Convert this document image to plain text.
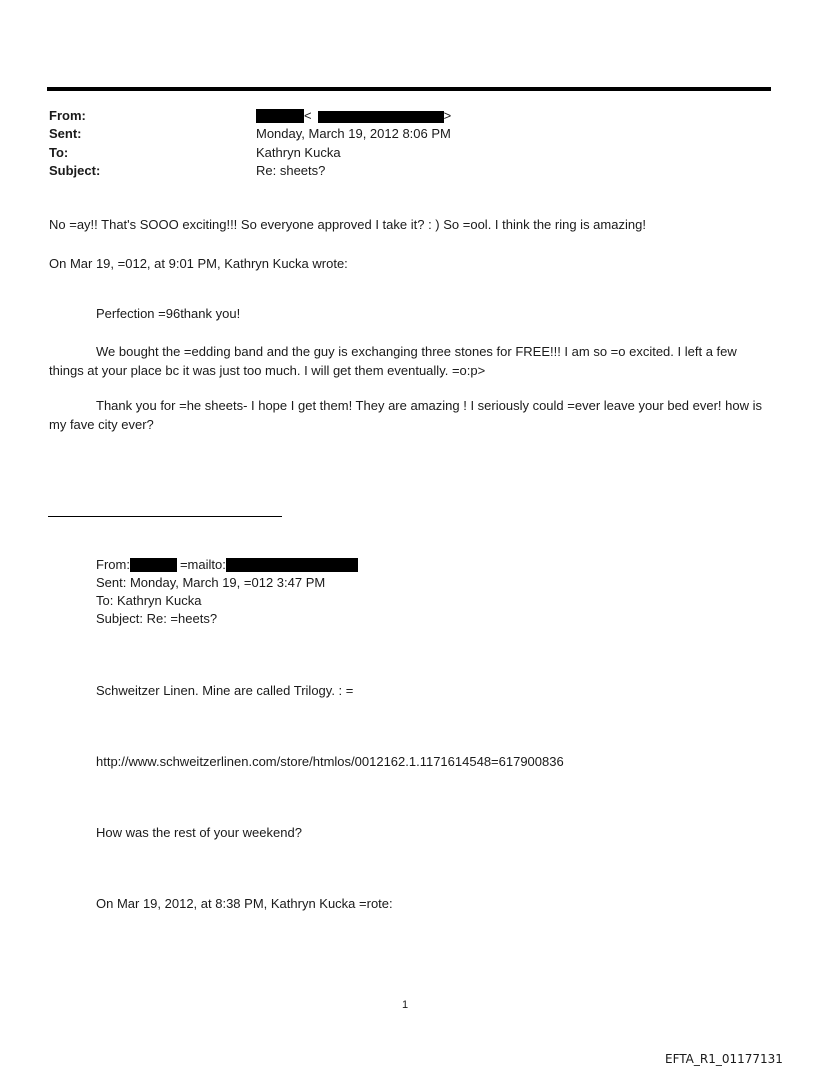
From:	<	>
Sent:	Monday, March 19, 2012 8:06 PM
To:	Kathryn Kucka
Subject:	Re: sheets?
No =ay!! That's SOOO exciting!!! So everyone approved I take it? : ) So =ool. I think the ring is amazing!
On Mar 19, =012, at 9:01 PM, Kathryn Kucka wrote:
Perfection =96thank you!
We bought the =edding band and the guy is exchanging three stones for FREE!!! I am so =o excited. I left a few things at your place bc it was just too much. I will get them eventually. =o:p>
Thank you for =he sheets- I hope I get them! They are amazing ! I seriously could =ever leave your bed ever! how is my fave city ever?
From:	=mailto:
Sent: Monday, March 19, =012 3:47 PM
To: Kathryn Kucka
Subject: Re: =heets?
Schweitzer Linen. Mine are called Trilogy. : =
http://www.schweitzerlinen.com/store/htmlos/0012162.1.1171614548=617900836
How was the rest of your weekend?
On Mar 19, 2012, at 8:38 PM, Kathryn Kucka =rote:
1
EFTA_R1_01177131
